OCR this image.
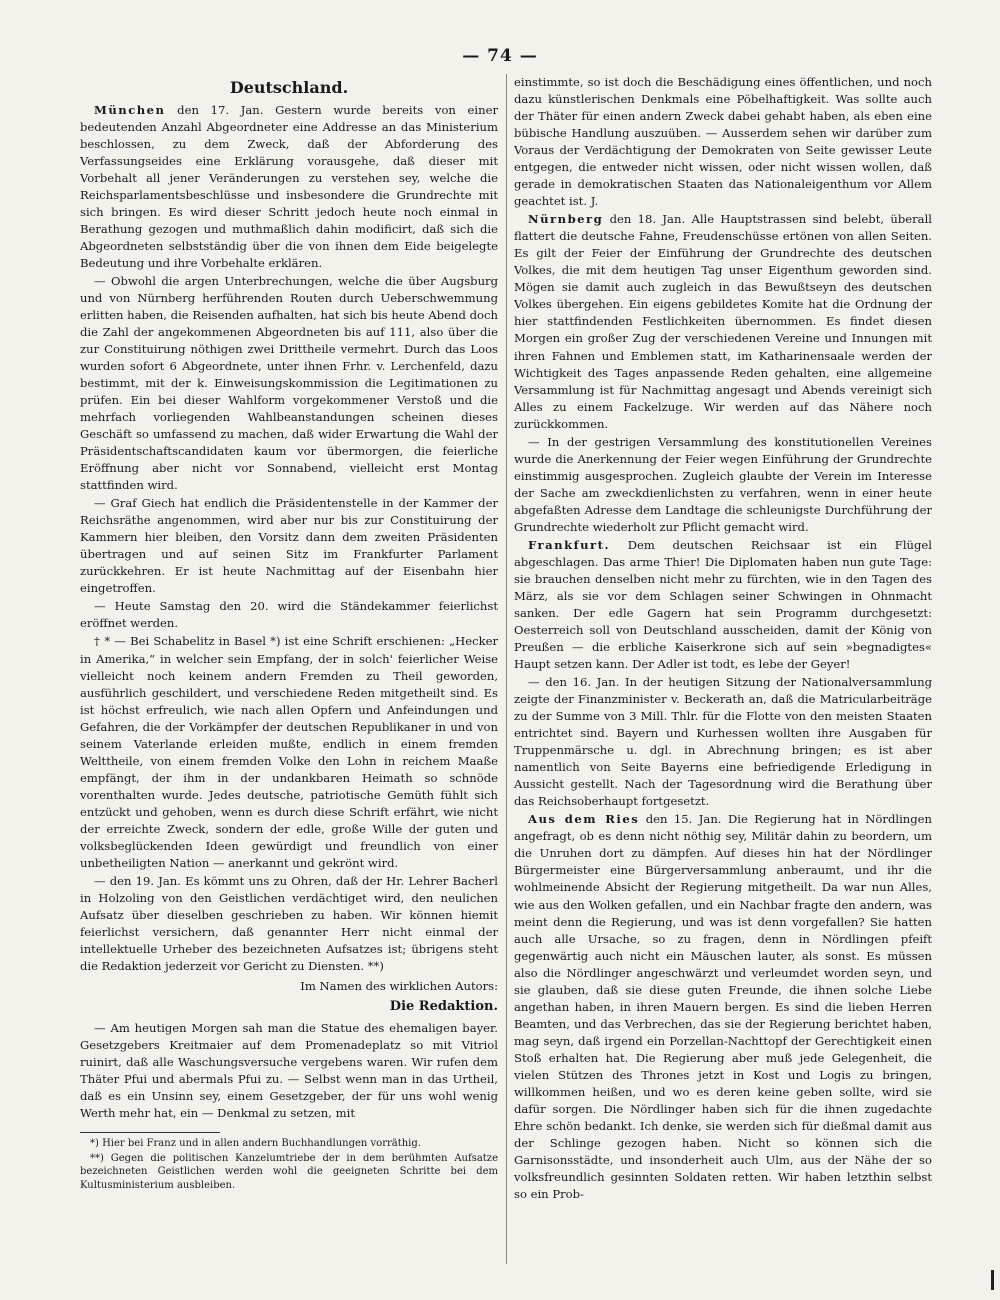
— 74 —
Deutschland.

München den 17. Jan. Gestern wurde bereits von einer bedeutenden Anzahl Abgeordneter eine Addresse an das Ministerium beschlossen, zu dem Zweck, daß der Abforderung des Verfassungseides eine Erklärung vorausgehe, daß dieser mit Vorbehalt all jener Veränderungen zu verstehen sey, welche die Reichsparlamentsbeschlüsse und insbesondere die Grundrechte mit sich bringen. Es wird dieser Schritt jedoch heute noch einmal in Berathung gezogen und muthmaßlich dahin modificirt, daß sich die Abgeordneten selbstständig über die von ihnen dem Eide beigelegte Bedeutung und ihre Vorbehalte erklären.

— Obwohl die argen Unterbrechungen, welche die über Augsburg und von Nürnberg herführenden Routen durch Ueberschwemmung erlitten haben, die Reisenden aufhalten, hat sich bis heute Abend doch die Zahl der angekommenen Abgeordneten bis auf 111, also über die zur Constituirung nöthigen zwei Drittheile vermehrt. Durch das Loos wurden sofort 6 Abgeordnete, unter ihnen Frhr. v. Lerchenfeld, dazu bestimmt, mit der k. Einweisungskommission die Legitimationen zu prüfen. Ein bei dieser Wahlform vorgekommener Verstoß und die mehrfach vorliegenden Wahlbeanstandungen scheinen dieses Geschäft so umfassend zu machen, daß wider Erwartung die Wahl der Präsidentschaftscandidaten kaum vor übermorgen, die feierliche Eröffnung aber nicht vor Sonnabend, vielleicht erst Montag stattfinden wird.

— Graf Giech hat endlich die Präsidentenstelle in der Kammer der Reichsräthe angenommen, wird aber nur bis zur Constituirung der Kammern hier bleiben, den Vorsitz dann dem zweiten Präsidenten übertragen und auf seinen Sitz im Frankfurter Parlament zurückkehren. Er ist heute Nachmittag auf der Eisenbahn hier eingetroffen.

— Heute Samstag den 20. wird die Ständekammer feierlichst eröffnet werden.

† * — Bei Schabelitz in Basel *) ist eine Schrift erschienen: „Hecker in Amerika,“ in welcher sein Empfang, der in solch' feierlicher Weise vielleicht noch keinem andern Fremden zu Theil geworden, ausführlich geschildert, und verschiedene Reden mitgetheilt sind. Es ist höchst erfreulich, wie nach allen Opfern und Anfeindungen und Gefahren, die der Vorkämpfer der deutschen Republikaner in und von seinem Vaterlande erleiden mußte, endlich in einem fremden Welttheile, von einem fremden Volke den Lohn in reichem Maaße empfängt, der ihm in der undankbaren Heimath so schnöde vorenthalten wurde. Jedes deutsche, patriotische Gemüth fühlt sich entzückt und gehoben, wenn es durch diese Schrift erfährt, wie nicht der erreichte Zweck, sondern der edle, große Wille der guten und volksbeglückenden Ideen gewürdigt und freundlich von einer unbetheiligten Nation — anerkannt und gekrönt wird.

— den 19. Jan. Es kömmt uns zu Ohren, daß der Hr. Lehrer Bacherl in Holzoling von den Geistlichen verdächtiget wird, den neulichen Aufsatz über dieselben geschrieben zu haben. Wir können hiemit feierlichst versichern, daß genannter Herr nicht einmal der intellektuelle Urheber des bezeichneten Aufsatzes ist; übrigens steht die Redaktion jederzeit vor Gericht zu Diensten. **)

Im Namen des wirklichen Autors:
Die Redaktion.

— Am heutigen Morgen sah man die Statue des ehemaligen bayer. Gesetzgebers Kreitmaier auf dem Promenadeplatz so mit Vitriol ruinirt, daß alle Waschungsversuche vergebens waren. Wir rufen dem Thäter Pfui und abermals Pfui zu. — Selbst wenn man in das Urtheil, daß es ein Unsinn sey, einem Gesetzgeber, der für uns wohl wenig Werth mehr hat, ein — Denkmal zu setzen, mit

*) Hier bei Franz und in allen andern Buchhandlungen vorräthig.

**) Gegen die politischen Kanzelumtriebe der in dem berühmten Aufsatze bezeichneten Geistlichen werden wohl die geeigneten Schritte bei dem Kultusministerium ausbleiben.

einstimmte, so ist doch die Beschädigung eines öffentlichen, und noch dazu künstlerischen Denkmals eine Pöbelhaftigkeit. Was sollte auch der Thäter für einen andern Zweck dabei gehabt haben, als eben eine bübische Handlung auszuüben. — Ausserdem sehen wir darüber zum Voraus der Verdächtigung der Demokraten von Seite gewisser Leute entgegen, die entweder nicht wissen, oder nicht wissen wollen, daß gerade in demokratischen Staaten das Nationaleigenthum vor Allem geachtet ist. J.

Nürnberg den 18. Jan. Alle Hauptstrassen sind belebt, überall flattert die deutsche Fahne, Freudenschüsse ertönen von allen Seiten. Es gilt der Feier der Einführung der Grundrechte des deutschen Volkes, die mit dem heutigen Tag unser Eigenthum geworden sind. Mögen sie damit auch zugleich in das Bewußtseyn des deutschen Volkes übergehen. Ein eigens gebildetes Komite hat die Ordnung der hier stattfindenden Festlichkeiten übernommen. Es findet diesen Morgen ein großer Zug der verschiedenen Vereine und Innungen mit ihren Fahnen und Emblemen statt, im Katharinensaale werden der Wichtigkeit des Tages anpassende Reden gehalten, eine allgemeine Versammlung ist für Nachmittag angesagt und Abends vereinigt sich Alles zu einem Fackelzuge. Wir werden auf das Nähere noch zurückkommen.

— In der gestrigen Versammlung des konstitutionellen Vereines wurde die Anerkennung der Feier wegen Einführung der Grundrechte einstimmig ausgesprochen. Zugleich glaubte der Verein im Interesse der Sache am zweckdienlichsten zu verfahren, wenn in einer heute abgefaßten Adresse dem Landtage die schleunigste Durchführung der Grundrechte wiederholt zur Pflicht gemacht wird.

Frankfurt. Dem deutschen Reichsaar ist ein Flügel abgeschlagen. Das arme Thier! Die Diplomaten haben nun gute Tage: sie brauchen denselben nicht mehr zu fürchten, wie in den Tagen des März, als sie vor dem Schlagen seiner Schwingen in Ohnmacht sanken. Der edle Gagern hat sein Programm durchgesetzt: Oesterreich soll von Deutschland ausscheiden, damit der König von Preußen — die erbliche Kaiserkrone sich auf sein »begnadigtes« Haupt setzen kann. Der Adler ist todt, es lebe der Geyer!

— den 16. Jan. In der heutigen Sitzung der Nationalversammlung zeigte der Finanzminister v. Beckerath an, daß die Matricularbeiträge zu der Summe von 3 Mill. Thlr. für die Flotte von den meisten Staaten entrichtet sind. Bayern und Kurhessen wollten ihre Ausgaben für Truppenmärsche u. dgl. in Abrechnung bringen; es ist aber namentlich von Seite Bayerns eine befriedigende Erledigung in Aussicht gestellt. Nach der Tagesordnung wird die Berathung über das Reichsoberhaupt fortgesetzt.

Aus dem Ries den 15. Jan. Die Regierung hat in Nördlingen angefragt, ob es denn nicht nöthig sey, Militär dahin zu beordern, um die Unruhen dort zu dämpfen. Auf dieses hin hat der Nördlinger Bürgermeister eine Bürgerversammlung anberaumt, und ihr die wohlmeinende Absicht der Regierung mitgetheilt. Da war nun Alles, wie aus den Wolken gefallen, und ein Nachbar fragte den andern, was meint denn die Regierung, und was ist denn vorgefallen? Sie hatten auch alle Ursache, so zu fragen, denn in Nördlingen pfeift gegenwärtig auch nicht ein Mäuschen lauter, als sonst. Es müssen also die Nördlinger angeschwärzt und verleumdet worden seyn, und sie glauben, daß sie diese guten Freunde, die ihnen solche Liebe angethan haben, in ihren Mauern bergen. Es sind die lieben Herren Beamten, und das Verbrechen, das sie der Regierung berichtet haben, mag seyn, daß irgend ein Porzellan-Nachttopf der Gerechtigkeit einen Stoß erhalten hat. Die Regierung aber muß jede Gelegenheit, die vielen Stützen des Thrones jetzt in Kost und Logis zu bringen, willkommen heißen, und wo es deren keine geben sollte, wird sie dafür sorgen. Die Nördlinger haben sich für die ihnen zugedachte Ehre schön bedankt. Ich denke, sie werden sich für dießmal damit aus der Schlinge gezogen haben. Nicht so können sich die Garnisonsstädte, und insonderheit auch Ulm, aus der Nähe der so volksfreundlich gesinnten Soldaten retten. Wir haben letzthin selbst so ein Prob-
